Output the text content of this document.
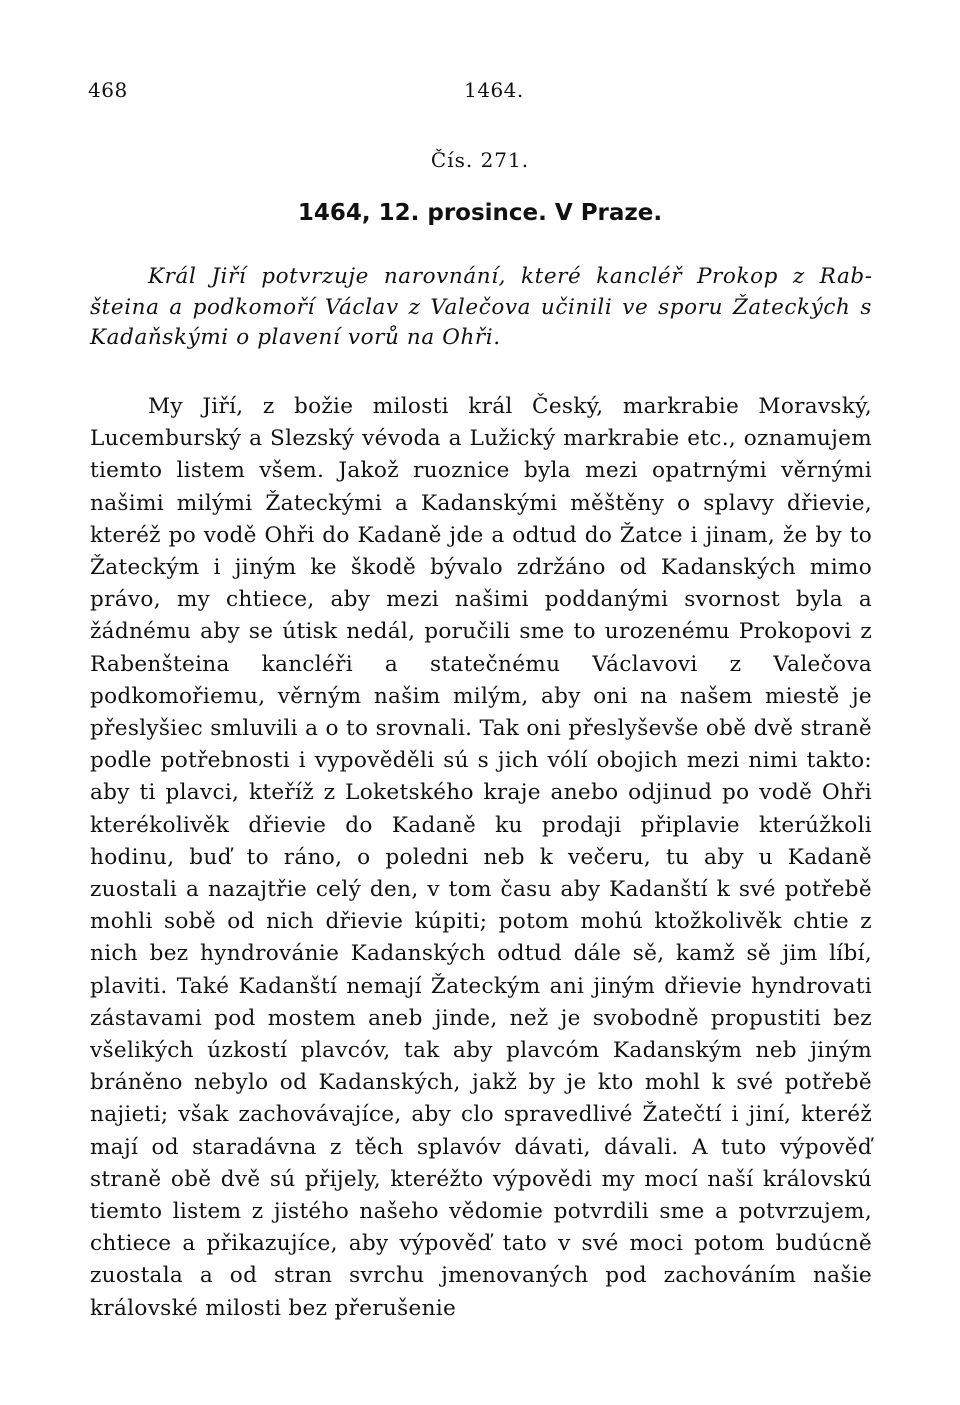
468	1464.
Čís. 271.
1464, 12. prosince. V Praze.
Král Jiří potvrzuje narovnání, které kancléř Prokop z Rabšteina a podkomoří Václav z Valečova učinili ve sporu Žateckých s Kadaňskými o plavení vorů na Ohři.
My Jiří, z božie milosti král Český, markrabie Moravský, Lucemburský a Slezský vévoda a Lužický markrabie etc., oznamujem tiemto listem všem. Jakož ruoznice byla mezi opatrnými věrnými našimi milými Žateckými a Kadanskými měštěny o splavy dřievie, kteréž po vodě Ohři do Kadaně jde a odtud do Žatce i jinam, že by to Žateckým i jiným ke škodě bývalo zdržáno od Kadanských mimo právo, my chtiece, aby mezi našimi poddanými svornost byla a žádnému aby se útisk nedál, poručili sme to urozenému Prokopovi z Rabenšteina kancléři a statečnému Václavovi z Valečova podkomořiemu, věrným našim milým, aby oni na našem miestě je přeslyšiec smluvili a o to srovnali. Tak oni přeslyševše obě dvě straně podle potřebnosti i vypověděli sú s jich vólí obojich mezi nimi takto: aby ti plavci, kteříž z Loketského kraje anebo odjinud po vodě Ohři kterékolivěk dřievie do Kadaně ku prodaji připlavie kterúžkoli hodinu, buď to ráno, o poledni neb k večeru, tu aby u Kadaně zuostali a nazajtřie celý den, v tom času aby Kadanští k své potřebě mohli sobě od nich dřievie kúpiti; potom mohú ktožkolivěk chtie z nich bez hyndrovánie Kadanských odtud dále sě, kamž sě jim líbí, plaviti. Také Kadanští nemají Žateckým ani jiným dřievie hyndrovati zástavami pod mostem aneb jinde, než je svobodně propustiti bez všelikých úzkostí plavcóv, tak aby plavcóm Kadanským neb jiným bráněno nebylo od Kadanských, jakž by je kto mohl k své potřebě najieti; však zachovávajíce, aby clo spravedlivé Žatečtí i jiní, kteréž mají od staradávna z těch splavóv dávati, dávali. A tuto výpověď straně obě dvě sú přijely, kteréžto výpovědi my mocí naší královskú tiemto listem z jistého našeho vědomie potvrdili sme a potvrzujem, chtiece a přikazujíce, aby výpověď tato v své moci potom budúcně zuostala a od stran svrchu jmenovaných pod zachováním našie královské milosti bez přerušenie
